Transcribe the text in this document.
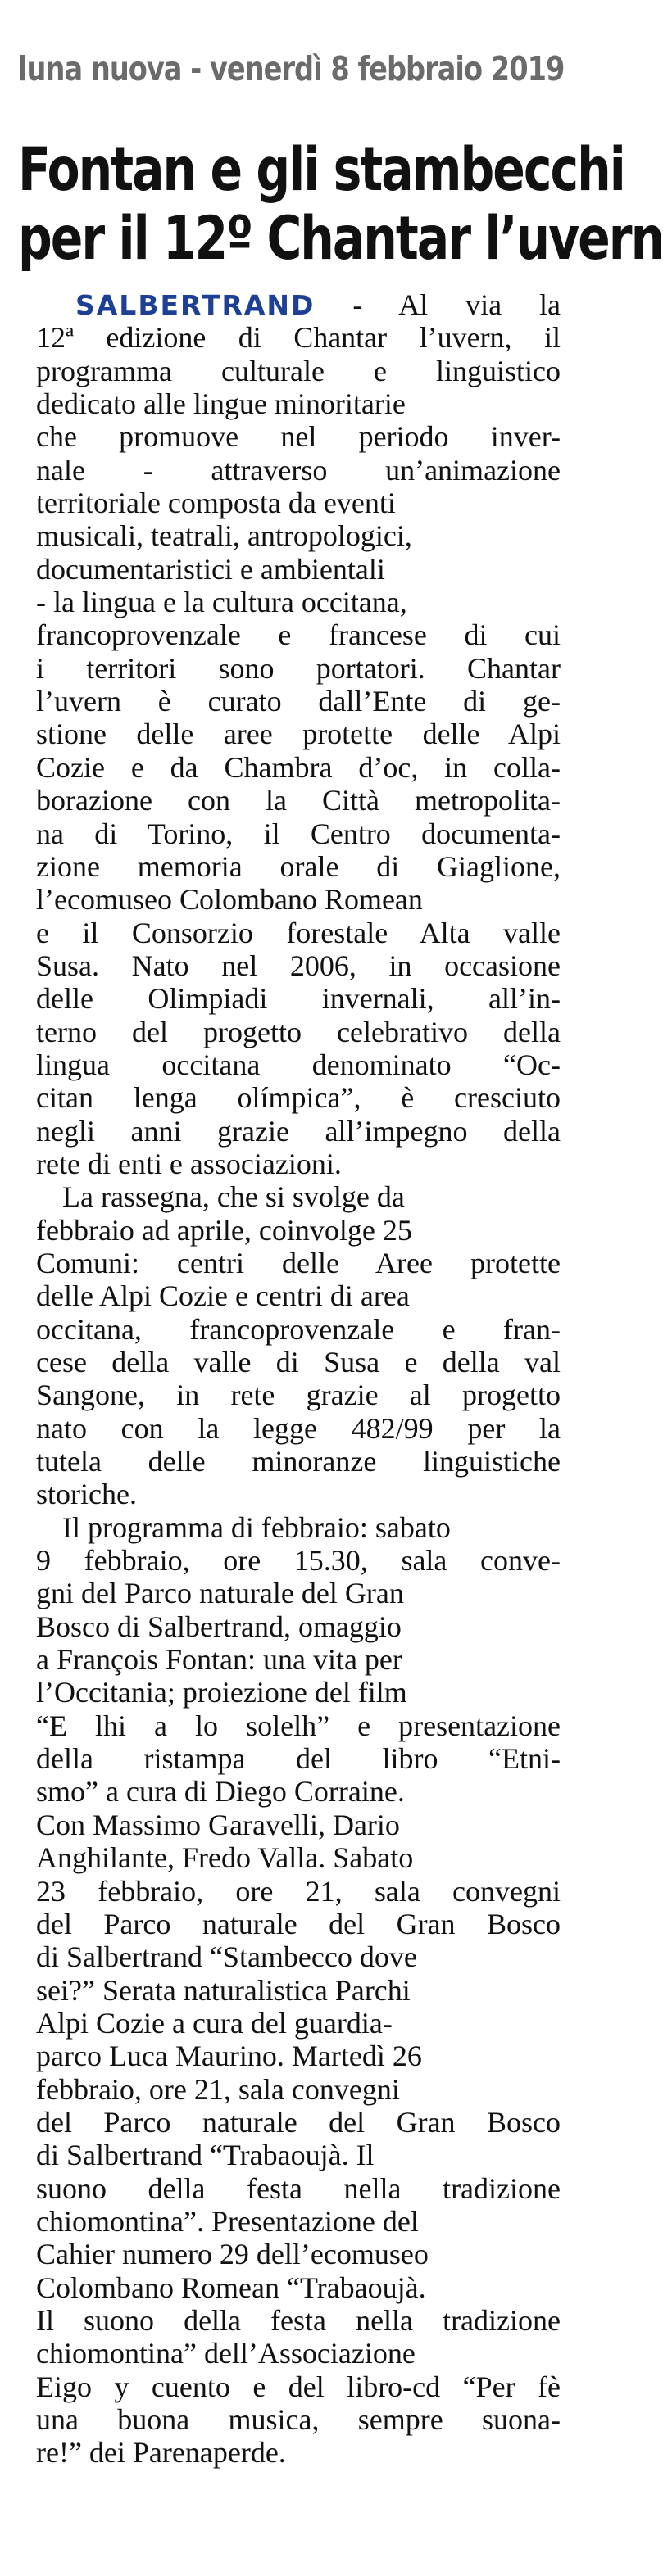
luna nuova - venerdì 8 febbraio 2019
Fontan e gli stambecchi
per il 12º Chantar l’uvern
SALBERTRAND - Al via la
12ª edizione di Chantar l’uvern, il
programma culturale e linguistico
dedicato alle lingue minoritarie
che promuove nel periodo inver-
nale - attraverso un’animazione
territoriale composta da eventi
musicali, teatrali, antropologici,
documentaristici e ambientali
- la lingua e la cultura occitana,
francoprovenzale e francese di cui
i territori sono portatori. Chantar
l’uvern è curato dall’Ente di ge-
stione delle aree protette delle Alpi
Cozie e da Chambra d’oc, in colla-
borazione con la Città metropolita-
na di Torino, il Centro documenta-
zione memoria orale di Giaglione,
l’ecomuseo Colombano Romean
e il Consorzio forestale Alta valle
Susa. Nato nel 2006, in occasione
delle Olimpiadi invernali, all’in-
terno del progetto celebrativo della
lingua occitana denominato “Oc-
citan lenga olímpica”, è cresciuto
negli anni grazie all’impegno della
rete di enti e associazioni.
La rassegna, che si svolge da
febbraio ad aprile, coinvolge 25
Comuni: centri delle Aree protette
delle Alpi Cozie e centri di area
occitana, francoprovenzale e fran-
cese della valle di Susa e della val
Sangone, in rete grazie al progetto
nato con la legge 482/99 per la
tutela delle minoranze linguistiche
storiche.
Il programma di febbraio: sabato
9 febbraio, ore 15.30, sala conve-
gni del Parco naturale del Gran
Bosco di Salbertrand, omaggio
a François Fontan: una vita per
l’Occitania; proiezione del film
“E lhi a lo solelh” e presentazione
della ristampa del libro “Etni-
smo” a cura di Diego Corraine.
Con Massimo Garavelli, Dario
Anghilante, Fredo Valla. Sabato
23 febbraio, ore 21, sala convegni
del Parco naturale del Gran Bosco
di Salbertrand “Stambecco dove
sei?” Serata naturalistica Parchi
Alpi Cozie a cura del guardia-
parco Luca Maurino. Martedì 26
febbraio, ore 21, sala convegni
del Parco naturale del Gran Bosco
di Salbertrand “Trabaoujà. Il
suono della festa nella tradizione
chiomontina”. Presentazione del
Cahier numero 29 dell’ecomuseo
Colombano Romean “Trabaoujà.
Il suono della festa nella tradizione
chiomontina” dell’Associazione
Eigo y cuento e del libro-cd “Per fè
una buona musica, sempre suona-
re!” dei Parenaperde.
